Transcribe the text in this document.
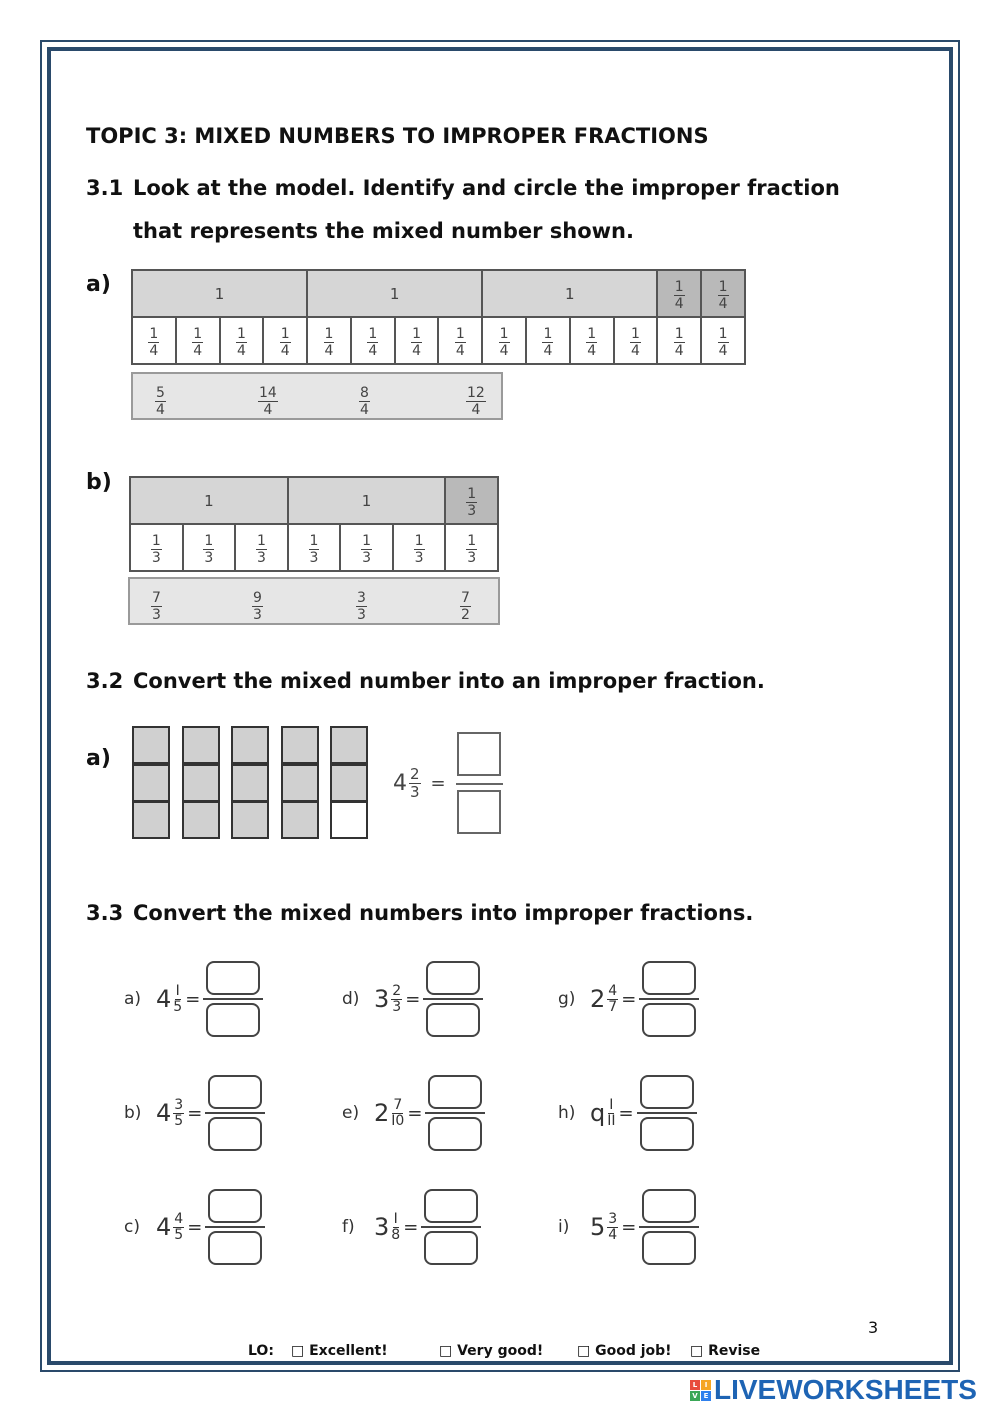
TOPIC 3: MIXED NUMBERS TO IMPROPER FRACTIONS
3.1 Look at the model. Identify and circle the improper fraction
that represents the mixed number shown.
a)	1				1				1				$\frac{1}{4}$	$\frac{1}{4}$

$\frac{1}{4}$	$\frac{1}{4}$	$\frac{1}{4}$	$\frac{1}{4}$	$\frac{1}{4}$	$\frac{1}{4}$	$\frac{1}{4}$	$\frac{1}{4}$	$\frac{1}{4}$	$\frac{1}{4}$	$\frac{1}{4}$	$\frac{1}{4}$	$\frac{1}{4}$	$\frac{1}{4}$
$\frac{5}{4}$	$\frac{14}{4}$	$\frac{8}{4}$	$\frac{12}{4}$
b)
1			1			$\frac{1}{3}$

$\frac{1}{3}$	$\frac{1}{3}$	$\frac{1}{3}$	$\frac{1}{3}$	$\frac{1}{3}$	$\frac{1}{3}$	$\frac{1}{3}$
$\frac{7}{3}$	$\frac{9}{3}$	$\frac{3}{3}$	$\frac{7}{2}$
3.2 Convert the mixed number into an improper fraction.
a)
$4 \frac{2}{3}$ =
3.3 Convert the mixed numbers into improper fractions.
a) $4 \frac{I}{5}$ =	d) $3 \frac{2}{3}$ =	g) $2 \frac{4}{7}$ =
b) $4 \frac{3}{5}$ =	e) $2 \frac{7}{I0}$ =	h) q $\frac{I}{II}$ =
c) $4 \frac{4}{5}$ =	f) $3 \frac{I}{8}$ =	i) $5 \frac{3}{4}$ =
3
LO: □ Excellent!	□ Very good! □ Good job! □ Revise
L	I
V E LIVEWORKSHEETS
